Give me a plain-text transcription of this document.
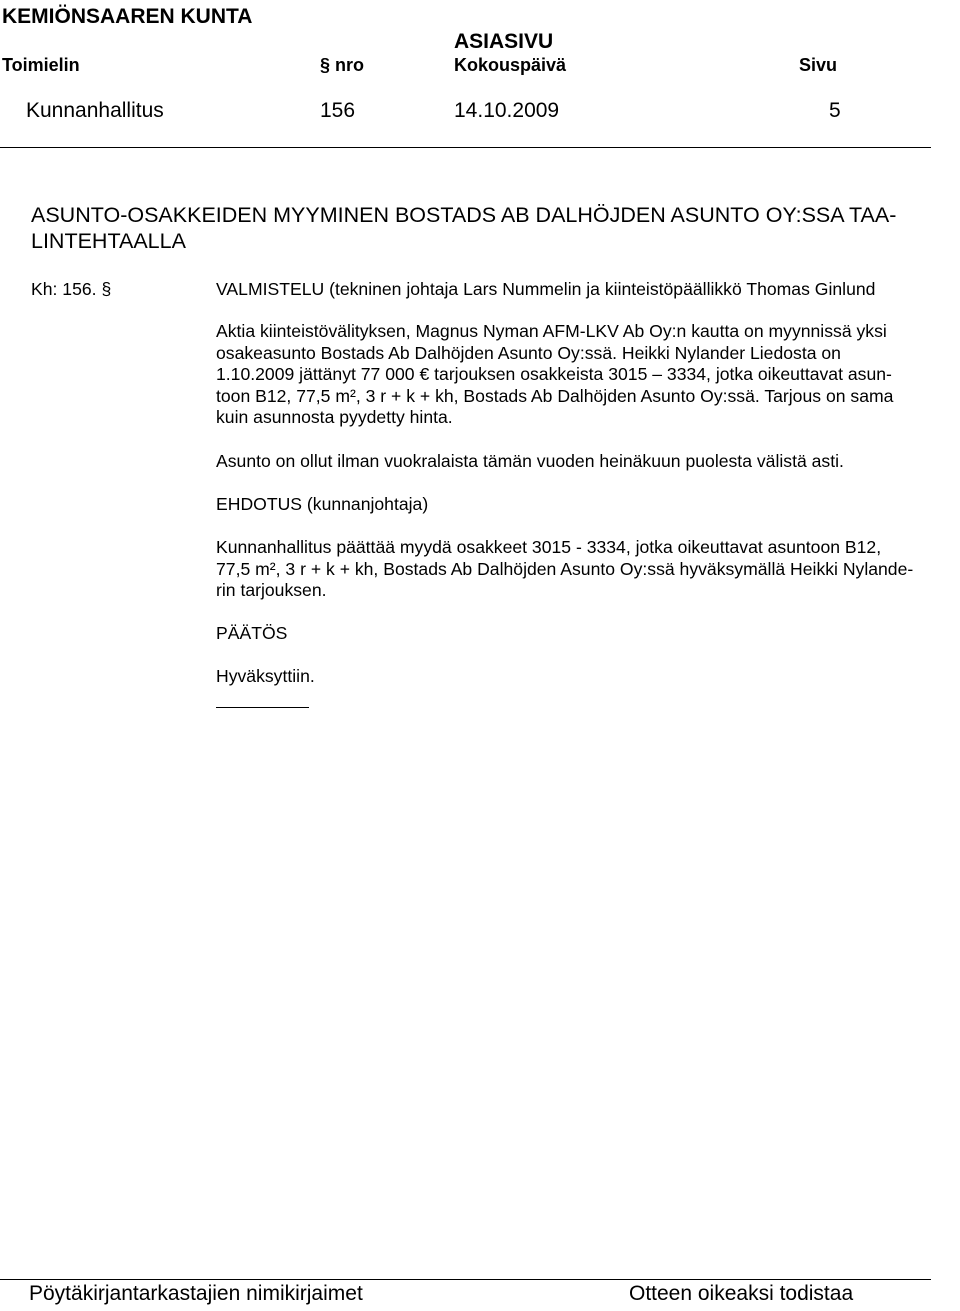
KEMIÖNSAAREN KUNTA
ASIASIVU
Toimielin	§ nro	Kokouspäivä	Sivu
Kunnanhallitus	156	14.10.2009	5
ASUNTO-OSAKKEIDEN MYYMINEN BOSTADS AB DALHÖJDEN ASUNTO OY:SSA TAA-
LINTEHTAALLA
Kh: 156. §	VALMISTELU (tekninen johtaja Lars Nummelin ja kiinteistöpäällikkö Thomas Ginlund
Aktia kiinteistövälityksen, Magnus Nyman AFM-LKV Ab Oy:n kautta on myynnissä yksi
osakeasunto Bostads Ab Dalhöjden Asunto Oy:ssä. Heikki Nylander Liedosta on
1.10.2009 jättänyt 77 000 € tarjouksen osakkeista 3015 – 3334, jotka oikeuttavat asun-
toon B12, 77,5 m², 3 r + k + kh, Bostads Ab Dalhöjden Asunto Oy:ssä. Tarjous on sama
kuin asunnosta pyydetty hinta.
Asunto on ollut ilman vuokralaista tämän vuoden heinäkuun puolesta välistä asti.
EHDOTUS (kunnanjohtaja)
Kunnanhallitus päättää myydä osakkeet 3015 - 3334, jotka oikeuttavat asuntoon B12,
77,5 m², 3 r + k + kh, Bostads Ab Dalhöjden Asunto Oy:ssä hyväksymällä Heikki Nylande-
rin tarjouksen.
PÄÄTÖS
Hyväksyttiin.
Pöytäkirjantarkastajien nimikirjaimet	Otteen oikeaksi todistaa
